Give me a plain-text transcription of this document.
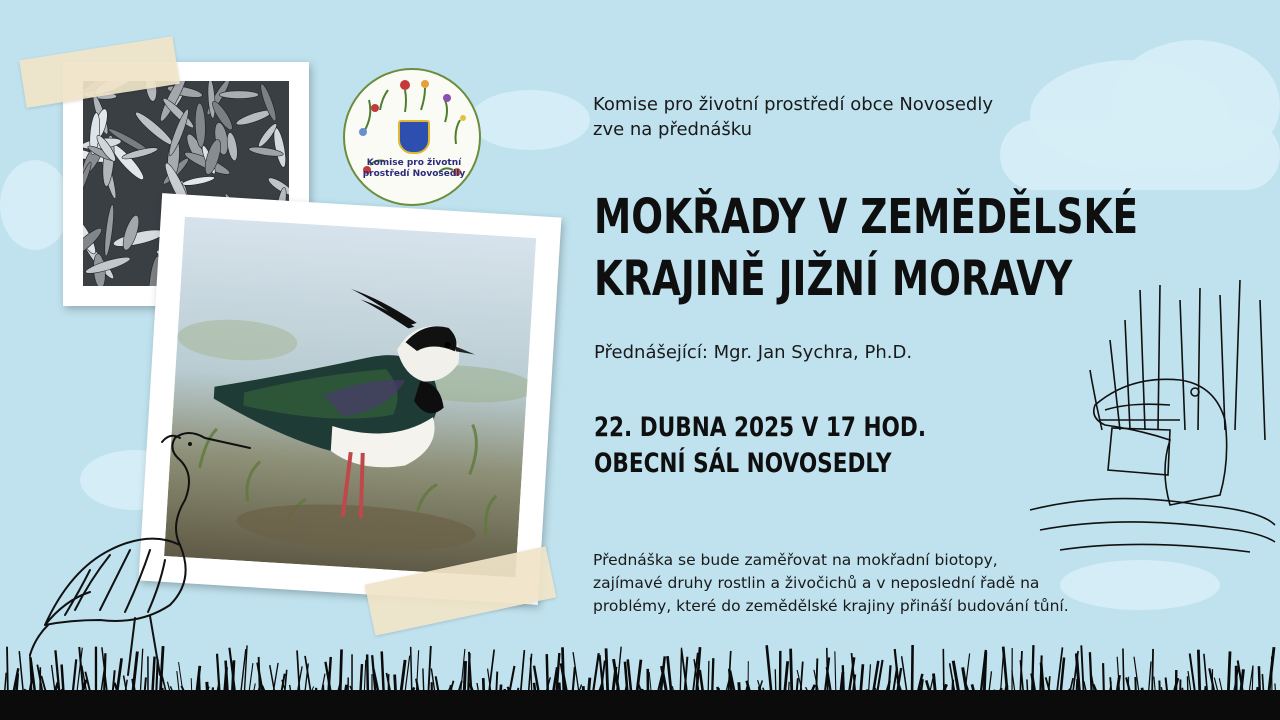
Komise pro životní
prostředí Novosedly
Komise pro životní prostředí obce Novosedly
zve na přednášku
MOKŘADY V ZEMĚDĚLSKÉ
KRAJINĚ JIŽNÍ MORAVY
Přednášející: Mgr. Jan Sychra, Ph.D.
22. DUBNA 2025 V 17 HOD.
OBECNÍ SÁL NOVOSEDLY
Přednáška se bude zaměřovat na mokřadní biotopy,
zajímavé druhy rostlin a živočichů a v neposlední řadě na
problémy, které do zemědělské krajiny přináší budování tůní.
